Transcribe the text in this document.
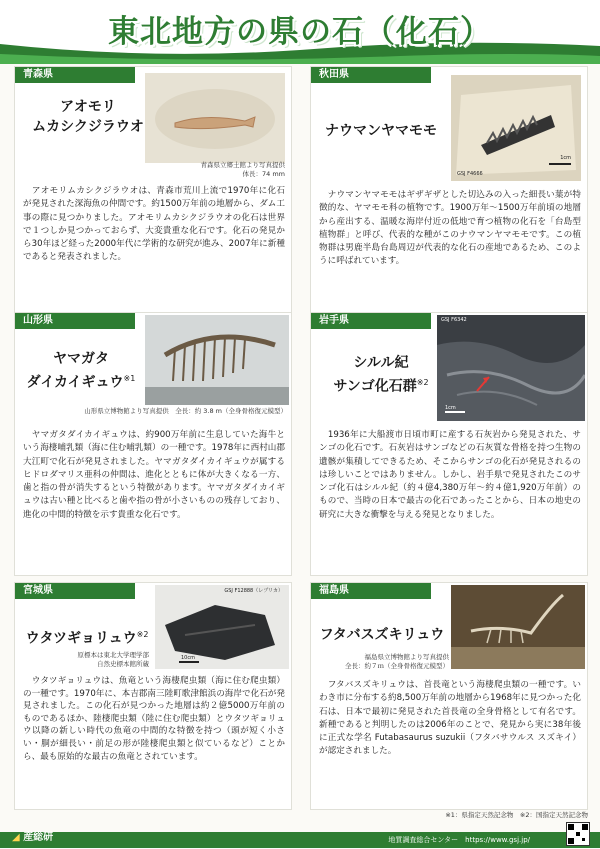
東北地方の県の石（化石）
青森県
アオモリ
ムカシクジラウオ
青森県立郷土館より写真提供
体長：74 mm
　アオモリムカシクジラウオは、青森市荒川上流で1970年に化石が発見された深海魚の仲間です。約1500万年前の地層から、ダム工事の際に見つかりました。アオモリムカシクジラウオの化石は世界で１つしか見つかっておらず、大変貴重な化石です。化石の発見から30年ほど経った2000年代に学術的な研究が進み、2007年に新種であると発表されました。
秋田県
ナウマンヤマモモ
GSJ F4666
1cm
　ナウマンヤマモモはギザギザとした切込みの入った細長い葉が特徴的な、ヤマモモ科の植物です。1900万年〜1500万年前頃の地層から産出する、温暖な海岸付近の低地で育つ植物の化石を「台島型植物群」と呼び、代表的な種がこのナウマンヤマモモです。この植物群は男鹿半島台島周辺が代表的な化石の産地であるため、このように呼ばれています。
山形県
ヤマガタ
ダイカイギュウ$^{※1}$
山形県立博物館より写真提供　全長：約 3.8 m（全身骨格復元模型）
　ヤマガタダイカイギュウは、約900万年前に生息していた海牛という海棲哺乳類（海に住む哺乳類）の一種です。1978年に西村山郡大江町で化石が発見されました。ヤマガタダイカイギュウが属するヒドロダマリス亜科の仲間は、進化とともに体が大きくなる一方、歯と指の骨が消失するという特徴があります。ヤマガタダイカイギュウは古い種と比べると歯や指の骨が小さいものの残存しており、進化の中間的特徴を示す貴重な化石です。
岩手県
シルル紀
サンゴ化石群$^{※2}$
GSJ F6342
1cm
　1936年に大船渡市日頃市町に産する石灰岩から発見された、サンゴの化石です。石灰岩はサンゴなどの石灰質な骨格を持つ生物の遺骸が集積してできるため、そこからサンゴの化石が発見されるのは珍しいことではありません。しかし、岩手県で発見されたこのサンゴ化石はシルル紀（約４億4,380万年〜約４億1,920万年前）のもので、当時の日本で最古の化石であったことから、日本の地史の研究に大きな衝撃を与える発見となりました。
宮城県
ウタツギョリュウ$^{※2}$
GSJ F12888（レプリカ）
10cm
原標本は東北大学理学部
自然史標本館所蔵
　ウタツギョリュウは、魚竜という海棲爬虫類（海に住む爬虫類）の一種です。1970年に、本吉郡南三陸町歌津館浜の海岸で化石が発見されました。この化石が見つかった地層は約２億5000万年前のものであるほか、陸棲爬虫類（陸に住む爬虫類）とウタツギョリュウ以降の新しい時代の魚竜の中間的な特徴を持つ（頭が短く小さい・胴が細長い・前足の形が陸棲爬虫類と似ているなど）ことから、最も原始的な最古の魚竜とされています。
福島県
フタバスズキリュウ
福島県立博物館より写真提供
全長：約７ｍ（全身骨格復元模型）
　フタバスズキリュウは、首長竜という海棲爬虫類の一種です。いわき市に分布する約8,500万年前の地層から1968年に見つかった化石は、日本で最初に発見された首長竜の全身骨格として有名です。新種であると判明したのは2006年のことで、発見から実に38年後に正式な学名 Futabasaurus suzukii（フタバサウルス スズキイ）が認定されました。
※1：県指定天然記念物　※2：国指定天然記念物
◢ 産総研	地質調査総合センター　https://www.gsj.jp/
